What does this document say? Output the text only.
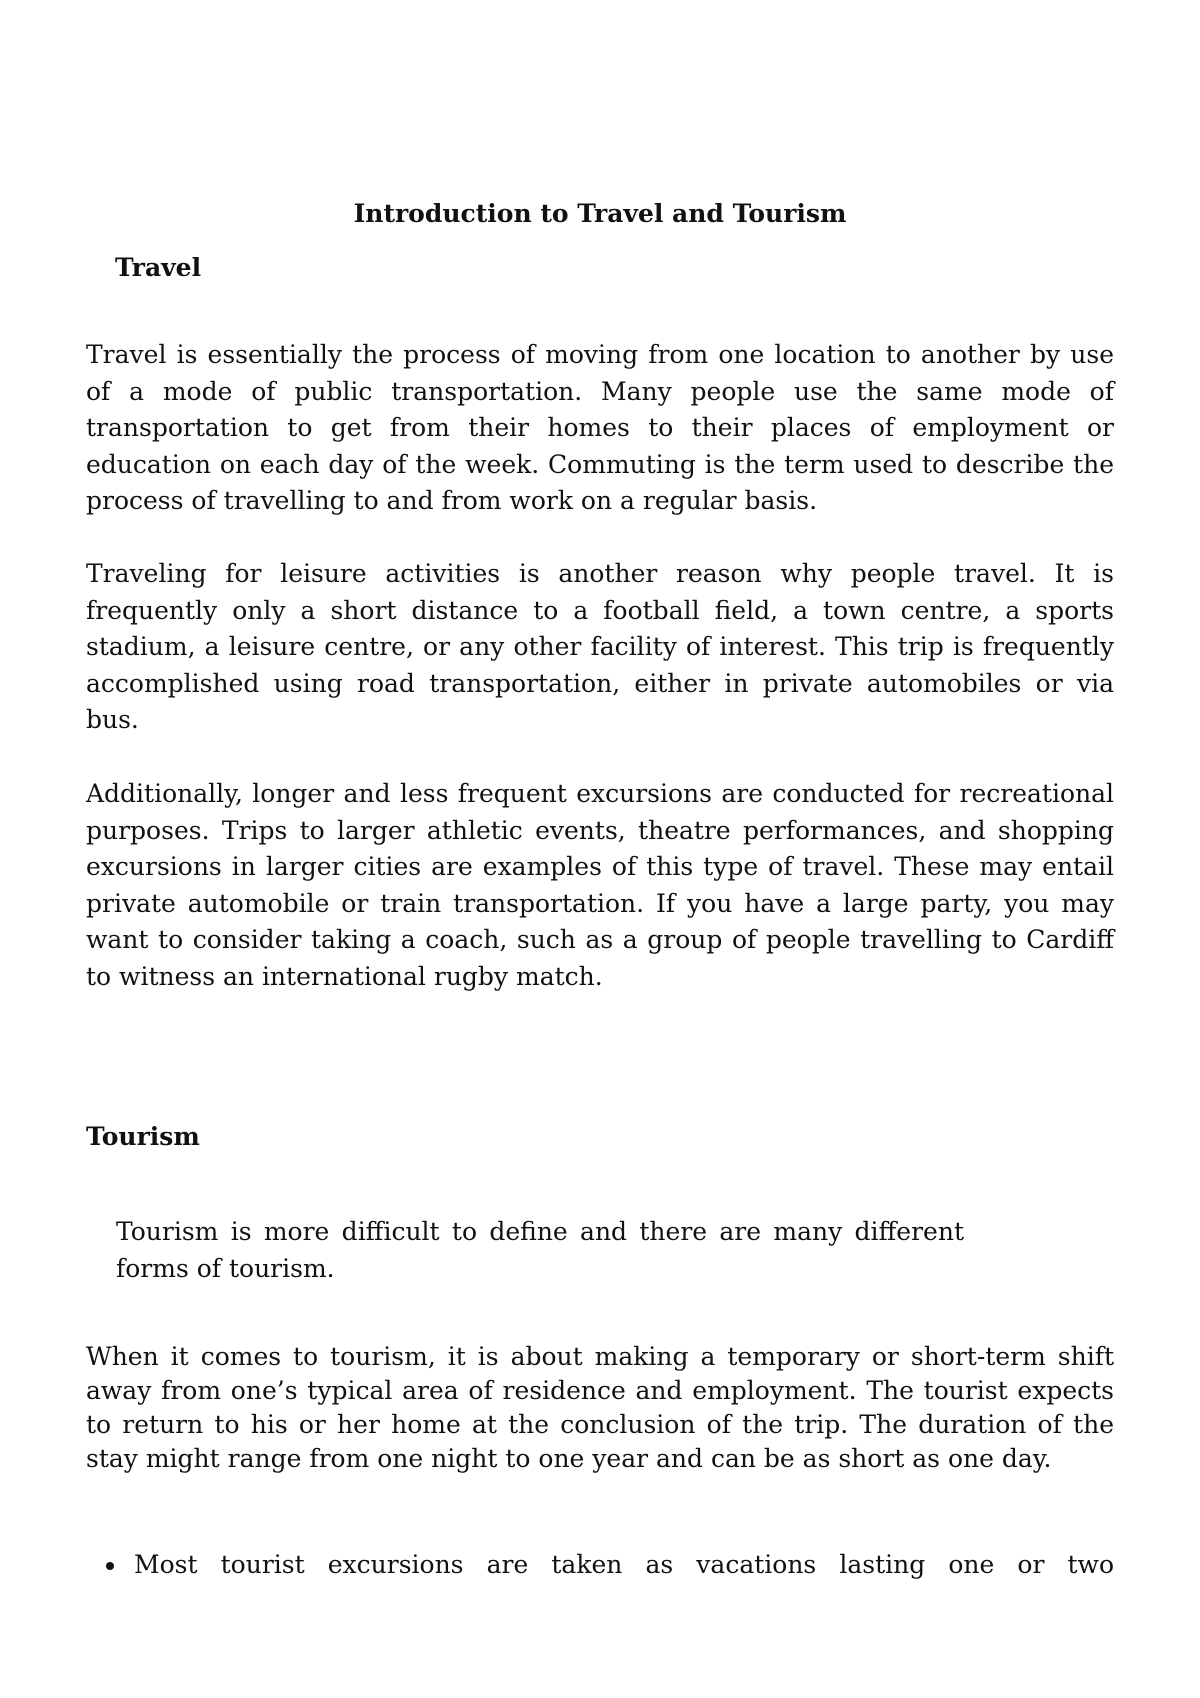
Introduction to Travel and Tourism
Travel

Travel is essentially the process of moving from one location to another by use of a mode of public transportation. Many people use the same mode of transportation to get from their homes to their places of employment or education on each day of the week. Commuting is the term used to describe the process of travelling to and from work on a regular basis.

Traveling for leisure activities is another reason why people travel. It is frequently only a short distance to a football field, a town centre, a sports stadium, a leisure centre, or any other facility of interest. This trip is frequently accomplished using road transportation, either in private automobiles or via bus.

Additionally, longer and less frequent excursions are conducted for recreational purposes. Trips to larger athletic events, theatre performances, and shopping excursions in larger cities are examples of this type of travel. These may entail private automobile or train transportation. If you have a large party, you may want to consider taking a coach, such as a group of people travelling to Cardiff to witness an international rugby match.

Tourism

Tourism is more difficult to define and there are many different forms of tourism.

When it comes to tourism, it is about making a temporary or short-term shift away from one’s typical area of residence and employment. The tourist expects to return to his or her home at the conclusion of the trip. The duration of the stay might range from one night to one year and can be as short as one day.

Most tourist excursions are taken as vacations lasting one or two
